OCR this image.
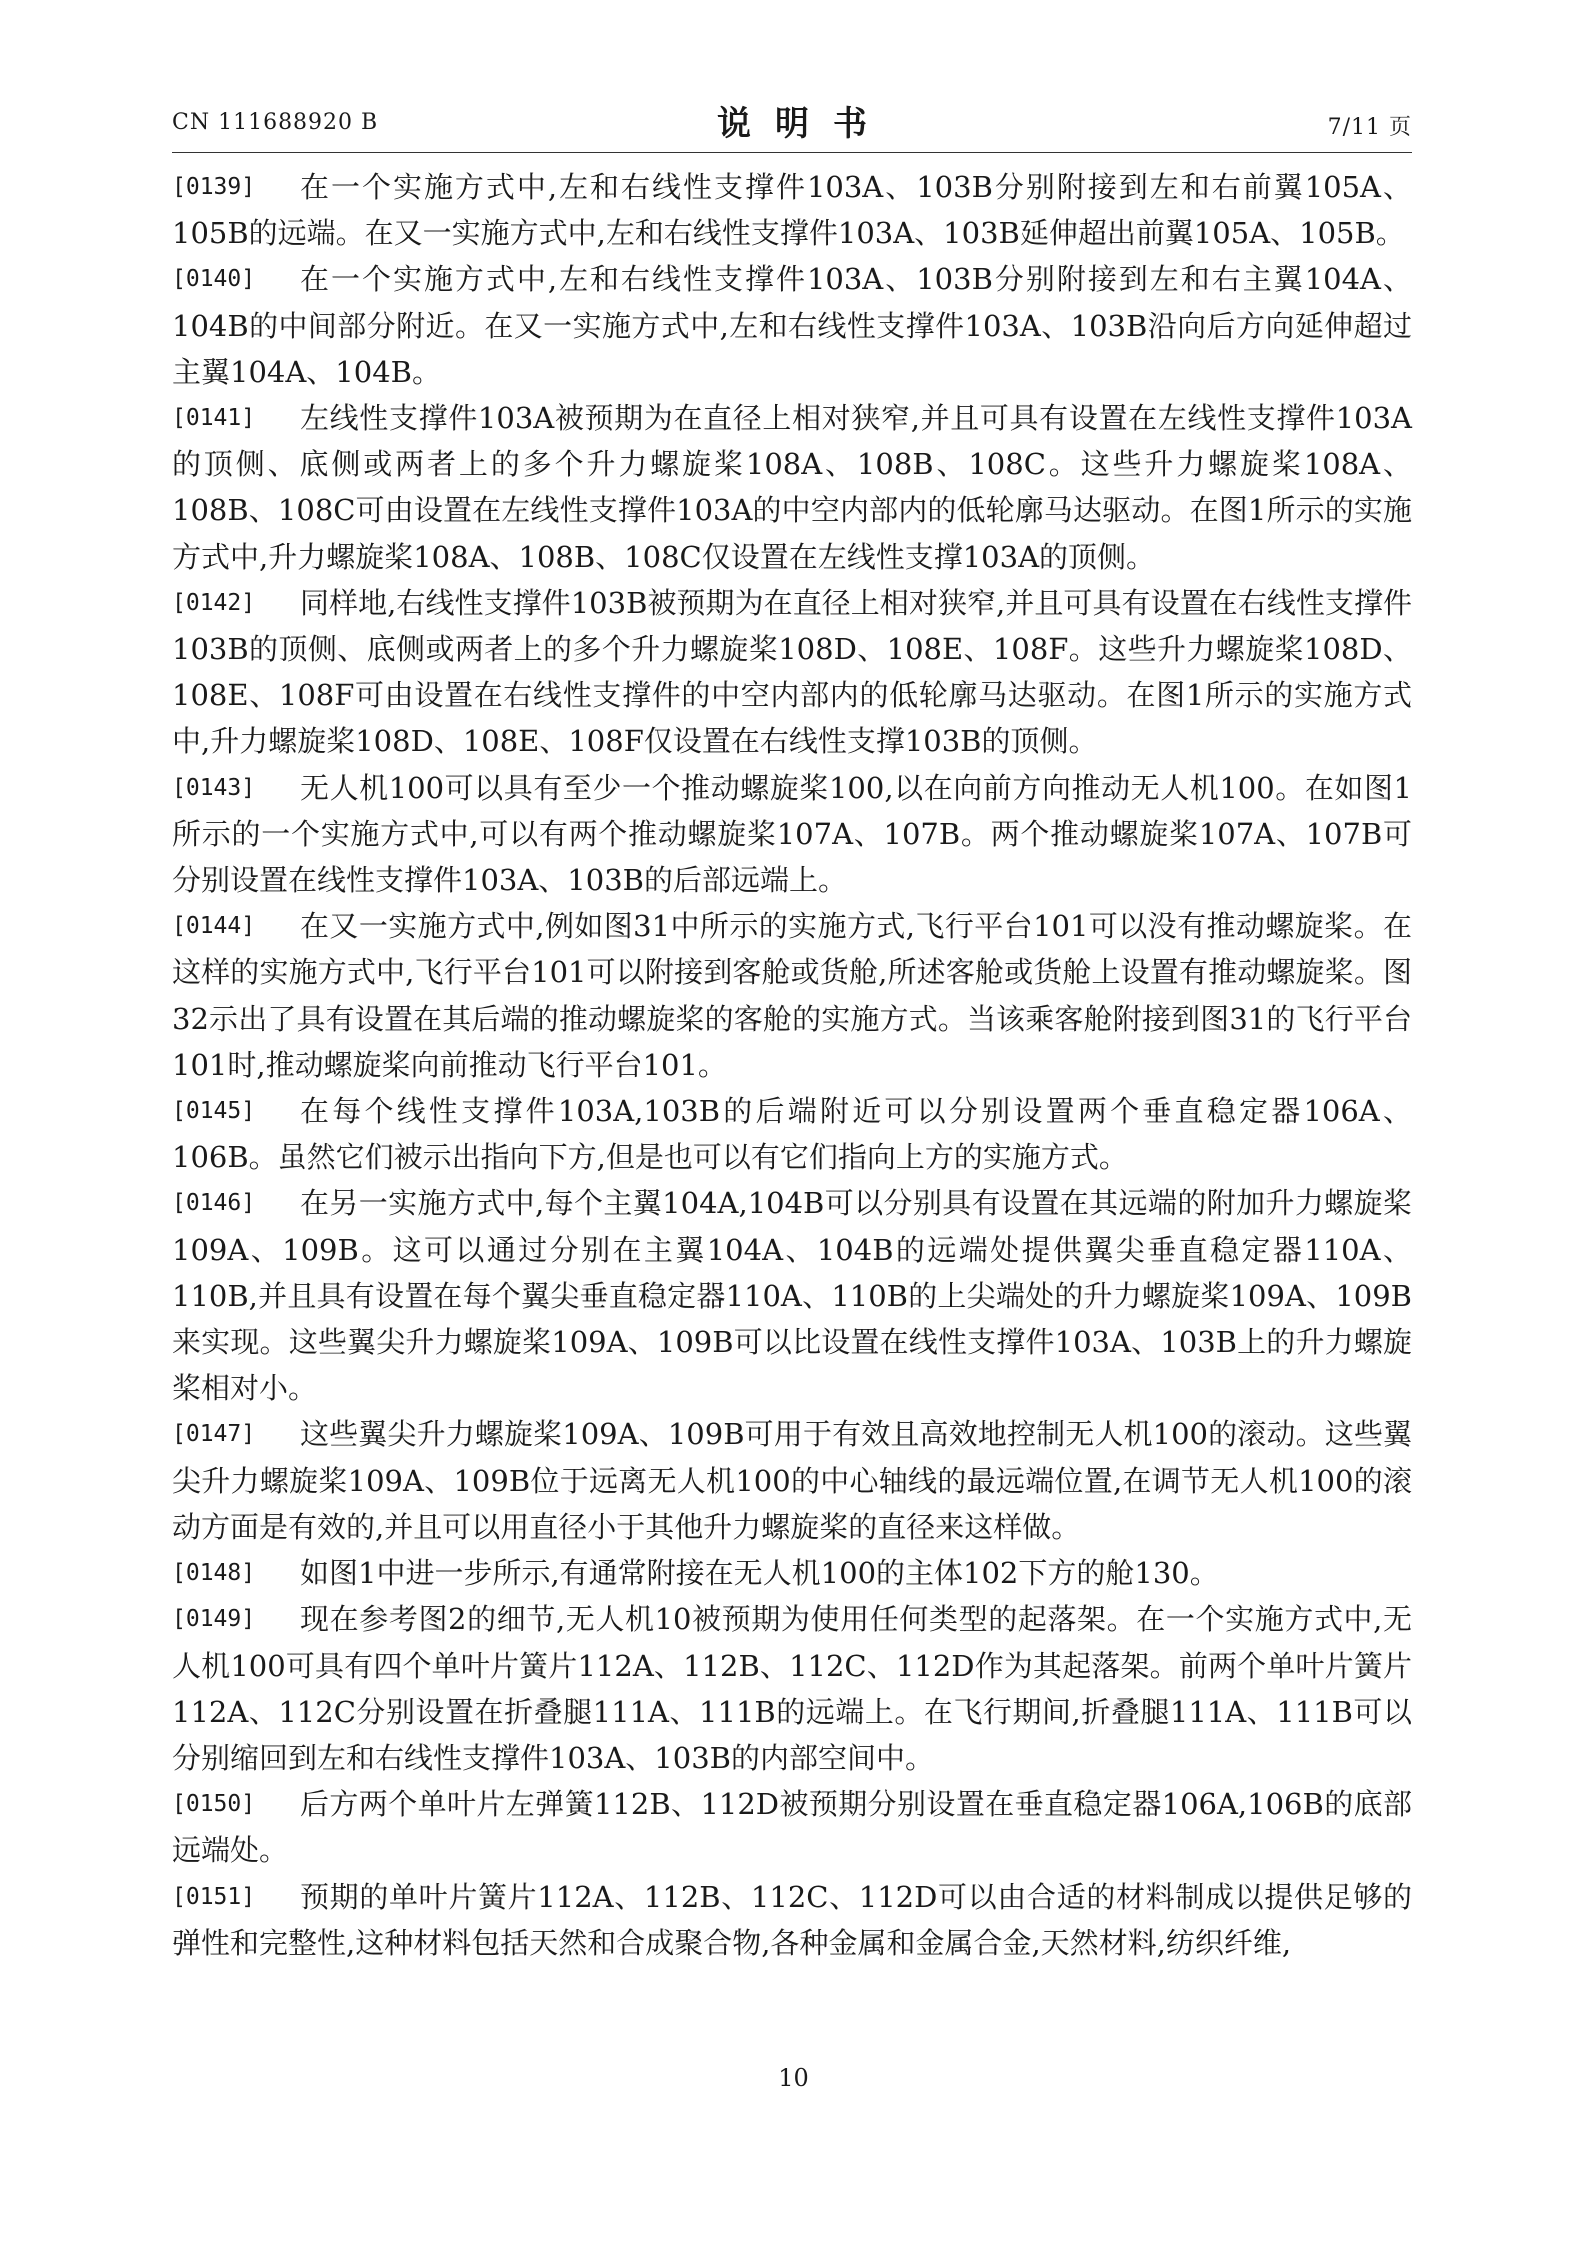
CN 111688920 B	说明书	7/11 页
[0139] 在一个实施方式中,左和右线性支撑件103A、103B分别附接到左和右前翼105A、105B的远端。在又一实施方式中,左和右线性支撑件103A、103B延伸超出前翼105A、105B。
[0140] 在一个实施方式中,左和右线性支撑件103A、103B分别附接到左和右主翼104A、104B的中间部分附近。在又一实施方式中,左和右线性支撑件103A、103B沿向后方向延伸超过主翼104A、104B。
[0141] 左线性支撑件103A被预期为在直径上相对狭窄,并且可具有设置在左线性支撑件103A的顶侧、底侧或两者上的多个升力螺旋桨108A、108B、108C。这些升力螺旋桨108A、108B、108C可由设置在左线性支撑件103A的中空内部内的低轮廓马达驱动。在图1所示的实施方式中,升力螺旋桨108A、108B、108C仅设置在左线性支撑103A的顶侧。
[0142] 同样地,右线性支撑件103B被预期为在直径上相对狭窄,并且可具有设置在右线性支撑件103B的顶侧、底侧或两者上的多个升力螺旋桨108D、108E、108F。这些升力螺旋桨108D、108E、108F可由设置在右线性支撑件的中空内部内的低轮廓马达驱动。在图1所示的实施方式中,升力螺旋桨108D、108E、108F仅设置在右线性支撑103B的顶侧。
[0143] 无人机100可以具有至少一个推动螺旋桨100,以在向前方向推动无人机100。在如图1所示的一个实施方式中,可以有两个推动螺旋桨107A、107B。两个推动螺旋桨107A、107B可分别设置在线性支撑件103A、103B的后部远端上。
[0144] 在又一实施方式中,例如图31中所示的实施方式,飞行平台101可以没有推动螺旋桨。在这样的实施方式中,飞行平台101可以附接到客舱或货舱,所述客舱或货舱上设置有推动螺旋桨。图32示出了具有设置在其后端的推动螺旋桨的客舱的实施方式。当该乘客舱附接到图31的飞行平台101时,推动螺旋桨向前推动飞行平台101。
[0145] 在每个线性支撑件103A,103B的后端附近可以分别设置两个垂直稳定器106A、106B。虽然它们被示出指向下方,但是也可以有它们指向上方的实施方式。
[0146] 在另一实施方式中,每个主翼104A,104B可以分别具有设置在其远端的附加升力螺旋桨109A、109B。这可以通过分别在主翼104A、104B的远端处提供翼尖垂直稳定器110A、110B,并且具有设置在每个翼尖垂直稳定器110A、110B的上尖端处的升力螺旋桨109A、109B来实现。这些翼尖升力螺旋桨109A、109B可以比设置在线性支撑件103A、103B上的升力螺旋桨相对小。
[0147] 这些翼尖升力螺旋桨109A、109B可用于有效且高效地控制无人机100的滚动。这些翼尖升力螺旋桨109A、109B位于远离无人机100的中心轴线的最远端位置,在调节无人机100的滚动方面是有效的,并且可以用直径小于其他升力螺旋桨的直径来这样做。
[0148] 如图1中进一步所示,有通常附接在无人机100的主体102下方的舱130。
[0149] 现在参考图2的细节,无人机10被预期为使用任何类型的起落架。在一个实施方式中,无人机100可具有四个单叶片簧片112A、112B、112C、112D作为其起落架。前两个单叶片簧片112A、112C分别设置在折叠腿111A、111B的远端上。在飞行期间,折叠腿111A、111B可以分别缩回到左和右线性支撑件103A、103B的内部空间中。
[0150] 后方两个单叶片左弹簧112B、112D被预期分别设置在垂直稳定器106A,106B的底部远端处。
[0151] 预期的单叶片簧片112A、112B、112C、112D可以由合适的材料制成以提供足够的弹性和完整性,这种材料包括天然和合成聚合物,各种金属和金属合金,天然材料,纺织纤维,
10
